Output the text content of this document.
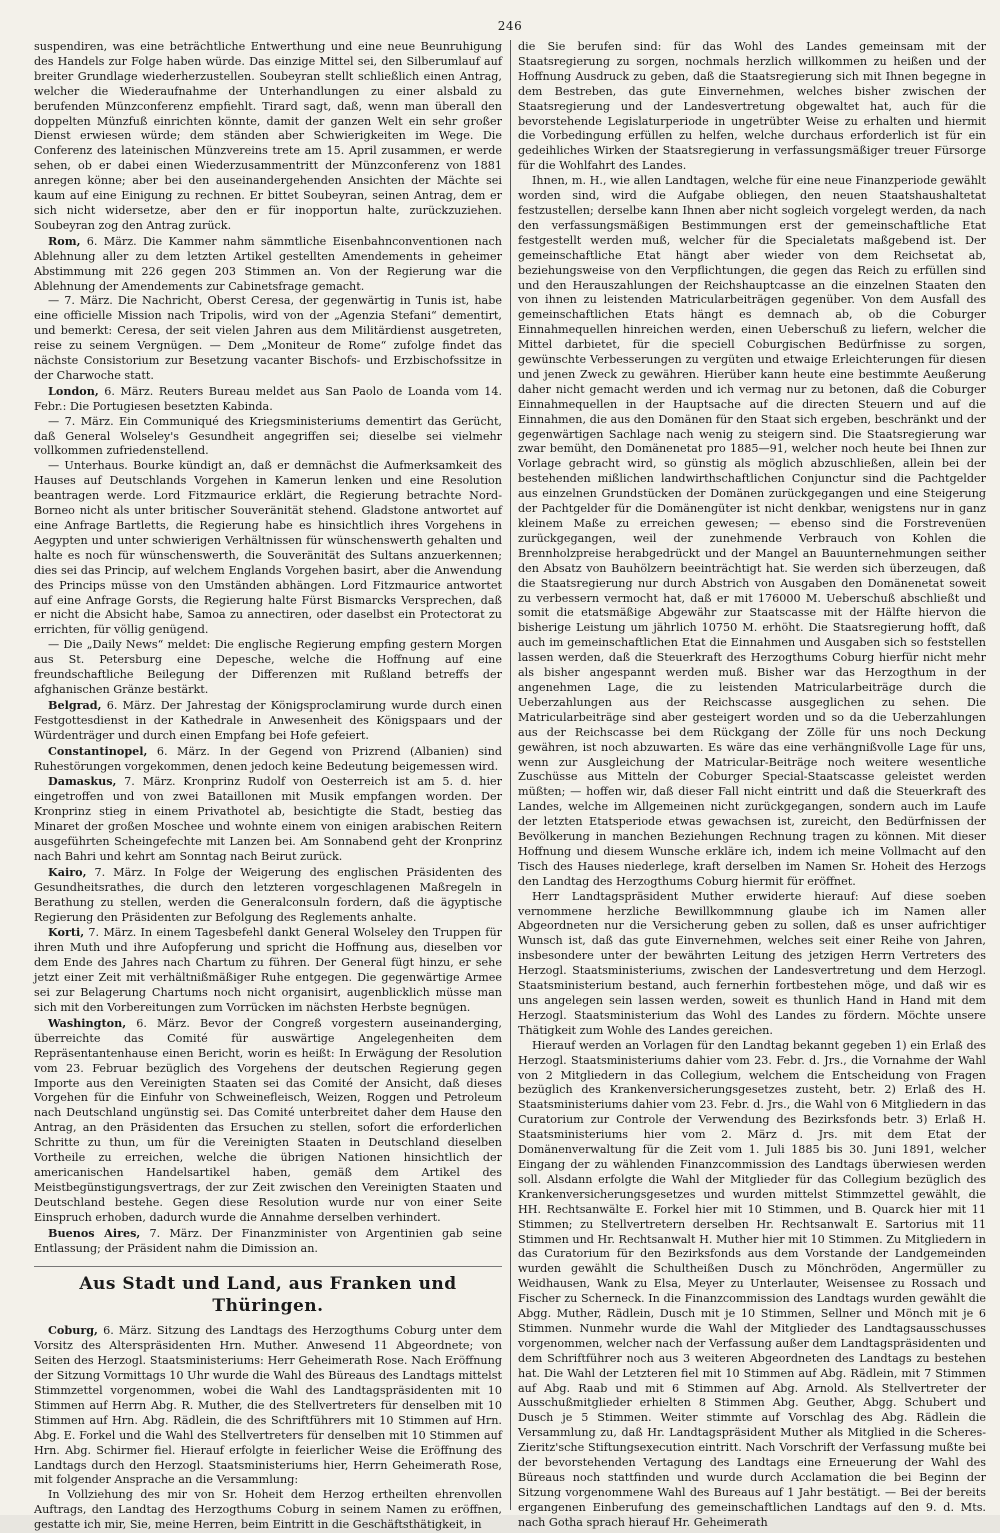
246

suspendiren, was eine beträchtliche Entwerthung und eine neue Beunruhigung des Handels zur Folge haben würde. Das einzige Mittel sei, den Silberumlauf auf breiter Grundlage wiederherzustellen. Soubeyran stellt schließlich einen Antrag, welcher die Wiederaufnahme der Unterhandlungen zu einer alsbald zu berufenden Münzconferenz empfiehlt. Tirard sagt, daß, wenn man überall den doppelten Münzfuß einrichten könnte, damit der ganzen Welt ein sehr großer Dienst erwiesen würde; dem ständen aber Schwierigkeiten im Wege. Die Conferenz des lateinischen Münzvereins trete am 15. April zusammen, er werde sehen, ob er dabei einen Wiederzusammentritt der Münzconferenz von 1881 anregen könne; aber bei den auseinandergehenden Ansichten der Mächte sei kaum auf eine Einigung zu rechnen. Er bittet Soubeyran, seinen Antrag, dem er sich nicht widersetze, aber den er für inopportun halte, zurückzuziehen. Soubeyran zog den Antrag zurück.

Rom, 6. März. Die Kammer nahm sämmtliche Eisenbahnconventionen nach Ablehnung aller zu dem letzten Artikel gestellten Amendements in geheimer Abstimmung mit 226 gegen 203 Stimmen an. Von der Regierung war die Ablehnung der Amendements zur Cabinetsfrage gemacht.

— 7. März. Die Nachricht, Oberst Ceresa, der gegenwärtig in Tunis ist, habe eine officielle Mission nach Tripolis, wird von der „Agenzia Stefani“ dementirt, und bemerkt: Ceresa, der seit vielen Jahren aus dem Militärdienst ausgetreten, reise zu seinem Vergnügen. — Dem „Moniteur de Rome“ zufolge findet das nächste Consistorium zur Besetzung vacanter Bischofs- und Erzbischofssitze in der Charwoche statt.

London, 6. März. Reuters Bureau meldet aus San Paolo de Loanda vom 14. Febr.: Die Portugiesen besetzten Kabinda.

— 7. März. Ein Communiqué des Kriegsministeriums dementirt das Gerücht, daß General Wolseley's Gesundheit angegriffen sei; dieselbe sei vielmehr vollkommen zufriedenstellend.

— Unterhaus. Bourke kündigt an, daß er demnächst die Aufmerksamkeit des Hauses auf Deutschlands Vorgehen in Kamerun lenken und eine Resolution beantragen werde. Lord Fitzmaurice erklärt, die Regierung betrachte Nord-Borneo nicht als unter britischer Souveränität stehend. Gladstone antwortet auf eine Anfrage Bartletts, die Regierung habe es hinsichtlich ihres Vorgehens in Aegypten und unter schwierigen Verhältnissen für wünschenswerth gehalten und halte es noch für wünschenswerth, die Souveränität des Sultans anzuerkennen; dies sei das Princip, auf welchem Englands Vorgehen basirt, aber die Anwendung des Princips müsse von den Umständen abhängen. Lord Fitzmaurice antwortet auf eine Anfrage Gorsts, die Regierung halte Fürst Bismarcks Versprechen, daß er nicht die Absicht habe, Samoa zu annectiren, oder daselbst ein Protectorat zu errichten, für völlig genügend.

— Die „Daily News“ meldet: Die englische Regierung empfing gestern Morgen aus St. Petersburg eine Depesche, welche die Hoffnung auf eine freundschaftliche Beilegung der Differenzen mit Rußland betreffs der afghanischen Gränze bestärkt.

Belgrad, 6. März. Der Jahrestag der Königsproclamirung wurde durch einen Festgottesdienst in der Kathedrale in Anwesenheit des Königspaars und der Würdenträger und durch einen Empfang bei Hofe gefeiert.

Constantinopel, 6. März. In der Gegend von Prizrend (Albanien) sind Ruhestörungen vorgekommen, denen jedoch keine Bedeutung beigemessen wird.

Damaskus, 7. März. Kronprinz Rudolf von Oesterreich ist am 5. d. hier eingetroffen und von zwei Bataillonen mit Musik empfangen worden. Der Kronprinz stieg in einem Privathotel ab, besichtigte die Stadt, bestieg das Minaret der großen Moschee und wohnte einem von einigen arabischen Reitern ausgeführten Scheingefechte mit Lanzen bei. Am Sonnabend geht der Kronprinz nach Bahri und kehrt am Sonntag nach Beirut zurück.

Kairo, 7. März. In Folge der Weigerung des englischen Präsidenten des Gesundheitsrathes, die durch den letzteren vorgeschlagenen Maßregeln in Berathung zu stellen, werden die Generalconsuln fordern, daß die ägyptische Regierung den Präsidenten zur Befolgung des Reglements anhalte.

Korti, 7. März. In einem Tagesbefehl dankt General Wolseley den Truppen für ihren Muth und ihre Aufopferung und spricht die Hoffnung aus, dieselben vor dem Ende des Jahres nach Chartum zu führen. Der General fügt hinzu, er sehe jetzt einer Zeit mit verhältnißmäßiger Ruhe entgegen. Die gegenwärtige Armee sei zur Belagerung Chartums noch nicht organisirt, augenblicklich müsse man sich mit den Vorbereitungen zum Vorrücken im nächsten Herbste begnügen.

Washington, 6. März. Bevor der Congreß vorgestern auseinanderging, überreichte das Comité für auswärtige Angelegenheiten dem Repräsentantenhause einen Bericht, worin es heißt: In Erwägung der Resolution vom 23. Februar bezüglich des Vorgehens der deutschen Regierung gegen Importe aus den Vereinigten Staaten sei das Comité der Ansicht, daß dieses Vorgehen für die Einfuhr von Schweinefleisch, Weizen, Roggen und Petroleum nach Deutschland ungünstig sei. Das Comité unterbreitet daher dem Hause den Antrag, an den Präsidenten das Ersuchen zu stellen, sofort die erforderlichen Schritte zu thun, um für die Vereinigten Staaten in Deutschland dieselben Vortheile zu erreichen, welche die übrigen Nationen hinsichtlich der americanischen Handelsartikel haben, gemäß dem Artikel des Meistbegünstigungsvertrags, der zur Zeit zwischen den Vereinigten Staaten und Deutschland bestehe. Gegen diese Resolution wurde nur von einer Seite Einspruch erhoben, dadurch wurde die Annahme derselben verhindert.

Buenos Aires, 7. März. Der Finanzminister von Argentinien gab seine Entlassung; der Präsident nahm die Dimission an.

Aus Stadt und Land, aus Franken und Thüringen.

Coburg, 6. März. Sitzung des Landtags des Herzogthums Coburg unter dem Vorsitz des Alterspräsidenten Hrn. Muther. Anwesend 11 Abgeordnete; von Seiten des Herzogl. Staatsministeriums: Herr Geheimerath Rose. Nach Eröffnung der Sitzung Vormittags 10 Uhr wurde die Wahl des Büreaus des Landtags mittelst Stimmzettel vorgenommen, wobei die Wahl des Landtagspräsidenten mit 10 Stimmen auf Herrn Abg. R. Muther, die des Stellvertreters für denselben mit 10 Stimmen auf Hrn. Abg. Rädlein, die des Schriftführers mit 10 Stimmen auf Hrn. Abg. E. Forkel und die Wahl des Stellvertreters für denselben mit 10 Stimmen auf Hrn. Abg. Schirmer fiel. Hierauf erfolgte in feierlicher Weise die Eröffnung des Landtags durch den Herzogl. Staatsministeriums hier, Herrn Geheimerath Rose, mit folgender Ansprache an die Versammlung:

In Vollziehung des mir von Sr. Hoheit dem Herzog ertheilten ehrenvollen Auftrags, den Landtag des Herzogthums Coburg in seinem Namen zu eröffnen, gestatte ich mir, Sie, meine Herren, beim Eintritt in die Geschäftsthätigkeit, in

die Sie berufen sind: für das Wohl des Landes gemeinsam mit der Staatsregierung zu sorgen, nochmals herzlich willkommen zu heißen und der Hoffnung Ausdruck zu geben, daß die Staatsregierung sich mit Ihnen begegne in dem Bestreben, das gute Einvernehmen, welches bisher zwischen der Staatsregierung und der Landesvertretung obgewaltet hat, auch für die bevorstehende Legislaturperiode in ungetrübter Weise zu erhalten und hiermit die Vorbedingung erfüllen zu helfen, welche durchaus erforderlich ist für ein gedeihliches Wirken der Staatsregierung in verfassungsmäßiger treuer Fürsorge für die Wohlfahrt des Landes.

Ihnen, m. H., wie allen Landtagen, welche für eine neue Finanzperiode gewählt worden sind, wird die Aufgabe obliegen, den neuen Staatshaushaltetat festzustellen; derselbe kann Ihnen aber nicht sogleich vorgelegt werden, da nach den verfassungsmäßigen Bestimmungen erst der gemeinschaftliche Etat festgestellt werden muß, welcher für die Specialetats maßgebend ist. Der gemeinschaftliche Etat hängt aber wieder von dem Reichsetat ab, beziehungsweise von den Verpflichtungen, die gegen das Reich zu erfüllen sind und den Herauszahlungen der Reichshauptcasse an die einzelnen Staaten den von ihnen zu leistenden Matricularbeiträgen gegenüber. Von dem Ausfall des gemeinschaftlichen Etats hängt es demnach ab, ob die Coburger Einnahmequellen hinreichen werden, einen Ueberschuß zu liefern, welcher die Mittel darbietet, für die speciell Coburgischen Bedürfnisse zu sorgen, gewünschte Verbesserungen zu vergüten und etwaige Erleichterungen für diesen und jenen Zweck zu gewähren. Hierüber kann heute eine bestimmte Aeußerung daher nicht gemacht werden und ich vermag nur zu betonen, daß die Coburger Einnahmequellen in der Hauptsache auf die directen Steuern und auf die Einnahmen, die aus den Domänen für den Staat sich ergeben, beschränkt und der gegenwärtigen Sachlage nach wenig zu steigern sind. Die Staatsregierung war zwar bemüht, den Domänenetat pro 1885—91, welcher noch heute bei Ihnen zur Vorlage gebracht wird, so günstig als möglich abzuschließen, allein bei der bestehenden mißlichen landwirthschaftlichen Conjunctur sind die Pachtgelder aus einzelnen Grundstücken der Domänen zurückgegangen und eine Steigerung der Pachtgelder für die Domänengüter ist nicht denkbar, wenigstens nur in ganz kleinem Maße zu erreichen gewesen; — ebenso sind die Forstrevenüen zurückgegangen, weil der zunehmende Verbrauch von Kohlen die Brennholzpreise herabgedrückt und der Mangel an Bauunternehmungen seither den Absatz von Bauhölzern beeinträchtigt hat. Sie werden sich überzeugen, daß die Staatsregierung nur durch Abstrich von Ausgaben den Domänenetat soweit zu verbessern vermocht hat, daß er mit 176000 M. Ueberschuß abschließt und somit die etatsmäßige Abgewähr zur Staatscasse mit der Hälfte hiervon die bisherige Leistung um jährlich 10750 M. erhöht. Die Staatsregierung hofft, daß auch im gemeinschaftlichen Etat die Einnahmen und Ausgaben sich so feststellen lassen werden, daß die Steuerkraft des Herzogthums Coburg hierfür nicht mehr als bisher angespannt werden muß. Bisher war das Herzogthum in der angenehmen Lage, die zu leistenden Matricularbeiträge durch die Ueberzahlungen aus der Reichscasse ausgeglichen zu sehen. Die Matricularbeiträge sind aber gesteigert worden und so da die Ueberzahlungen aus der Reichscasse bei dem Rückgang der Zölle für uns noch Deckung gewähren, ist noch abzuwarten. Es wäre das eine verhängnißvolle Lage für uns, wenn zur Ausgleichung der Matricular-Beiträge noch weitere wesentliche Zuschüsse aus Mitteln der Coburger Special-Staatscasse geleistet werden müßten; — hoffen wir, daß dieser Fall nicht eintritt und daß die Steuerkraft des Landes, welche im Allgemeinen nicht zurückgegangen, sondern auch im Laufe der letzten Etatsperiode etwas gewachsen ist, zureicht, den Bedürfnissen der Bevölkerung in manchen Beziehungen Rechnung tragen zu können. Mit dieser Hoffnung und diesem Wunsche erkläre ich, indem ich meine Vollmacht auf den Tisch des Hauses niederlege, kraft derselben im Namen Sr. Hoheit des Herzogs den Landtag des Herzogthums Coburg hiermit für eröffnet.

Herr Landtagspräsident Muther erwiderte hierauf: Auf diese soeben vernommene herzliche Bewillkommnung glaube ich im Namen aller Abgeordneten nur die Versicherung geben zu sollen, daß es unser aufrichtiger Wunsch ist, daß das gute Einvernehmen, welches seit einer Reihe von Jahren, insbesondere unter der bewährten Leitung des jetzigen Herrn Vertreters des Herzogl. Staatsministeriums, zwischen der Landesvertretung und dem Herzogl. Staatsministerium bestand, auch fernerhin fortbestehen möge, und daß wir es uns angelegen sein lassen werden, soweit es thunlich Hand in Hand mit dem Herzogl. Staatsministerium das Wohl des Landes zu fördern. Möchte unsere Thätigkeit zum Wohle des Landes gereichen.

Hierauf werden an Vorlagen für den Landtag bekannt gegeben 1) ein Erlaß des Herzogl. Staatsministeriums dahier vom 23. Febr. d. Jrs., die Vornahme der Wahl von 2 Mitgliedern in das Collegium, welchem die Entscheidung von Fragen bezüglich des Krankenversicherungsgesetzes zusteht, betr. 2) Erlaß des H. Staatsministeriums dahier vom 23. Febr. d. Jrs., die Wahl von 6 Mitgliedern in das Curatorium zur Controle der Verwendung des Bezirksfonds betr. 3) Erlaß H. Staatsministeriums hier vom 2. März d. Jrs. mit dem Etat der Domänenverwaltung für die Zeit vom 1. Juli 1885 bis 30. Juni 1891, welcher Eingang der zu wählenden Finanzcommission des Landtags überwiesen werden soll. Alsdann erfolgte die Wahl der Mitglieder für das Collegium bezüglich des Krankenversicherungsgesetzes und wurden mittelst Stimmzettel gewählt, die HH. Rechtsanwälte E. Forkel hier mit 10 Stimmen, und B. Quarck hier mit 11 Stimmen; zu Stellvertretern derselben Hr. Rechtsanwalt E. Sartorius mit 11 Stimmen und Hr. Rechtsanwalt H. Muther hier mit 10 Stimmen. Zu Mitgliedern in das Curatorium für den Bezirksfonds aus dem Vorstande der Landgemeinden wurden gewählt die Schultheißen Dusch zu Mönchröden, Angermüller zu Weidhausen, Wank zu Elsa, Meyer zu Unterlauter, Weisensee zu Rossach und Fischer zu Scherneck. In die Finanzcommission des Landtags wurden gewählt die Abgg. Muther, Rädlein, Dusch mit je 10 Stimmen, Sellner und Mönch mit je 6 Stimmen. Nunmehr wurde die Wahl der Mitglieder des Landtagsausschusses vorgenommen, welcher nach der Verfassung außer dem Landtagspräsidenten und dem Schriftführer noch aus 3 weiteren Abgeordneten des Landtags zu bestehen hat. Die Wahl der Letzteren fiel mit 10 Stimmen auf Abg. Rädlein, mit 7 Stimmen auf Abg. Raab und mit 6 Stimmen auf Abg. Arnold. Als Stellvertreter der Ausschußmitglieder erhielten 8 Stimmen Abg. Geuther, Abgg. Schubert und Dusch je 5 Stimmen. Weiter stimmte auf Vorschlag des Abg. Rädlein die Versammlung zu, daß Hr. Landtagspräsident Muther als Mitglied in die Scheres-Zieritz'sche Stiftungsexecution eintritt. Nach Vorschrift der Verfassung mußte bei der bevorstehenden Vertagung des Landtags eine Erneuerung der Wahl des Büreaus noch stattfinden und wurde durch Acclamation die bei Beginn der Sitzung vorgenommene Wahl des Bureaus auf 1 Jahr bestätigt. — Bei der bereits ergangenen Einberufung des gemeinschaftlichen Landtags auf den 9. d. Mts. nach Gotha sprach hierauf Hr. Geheimerath
